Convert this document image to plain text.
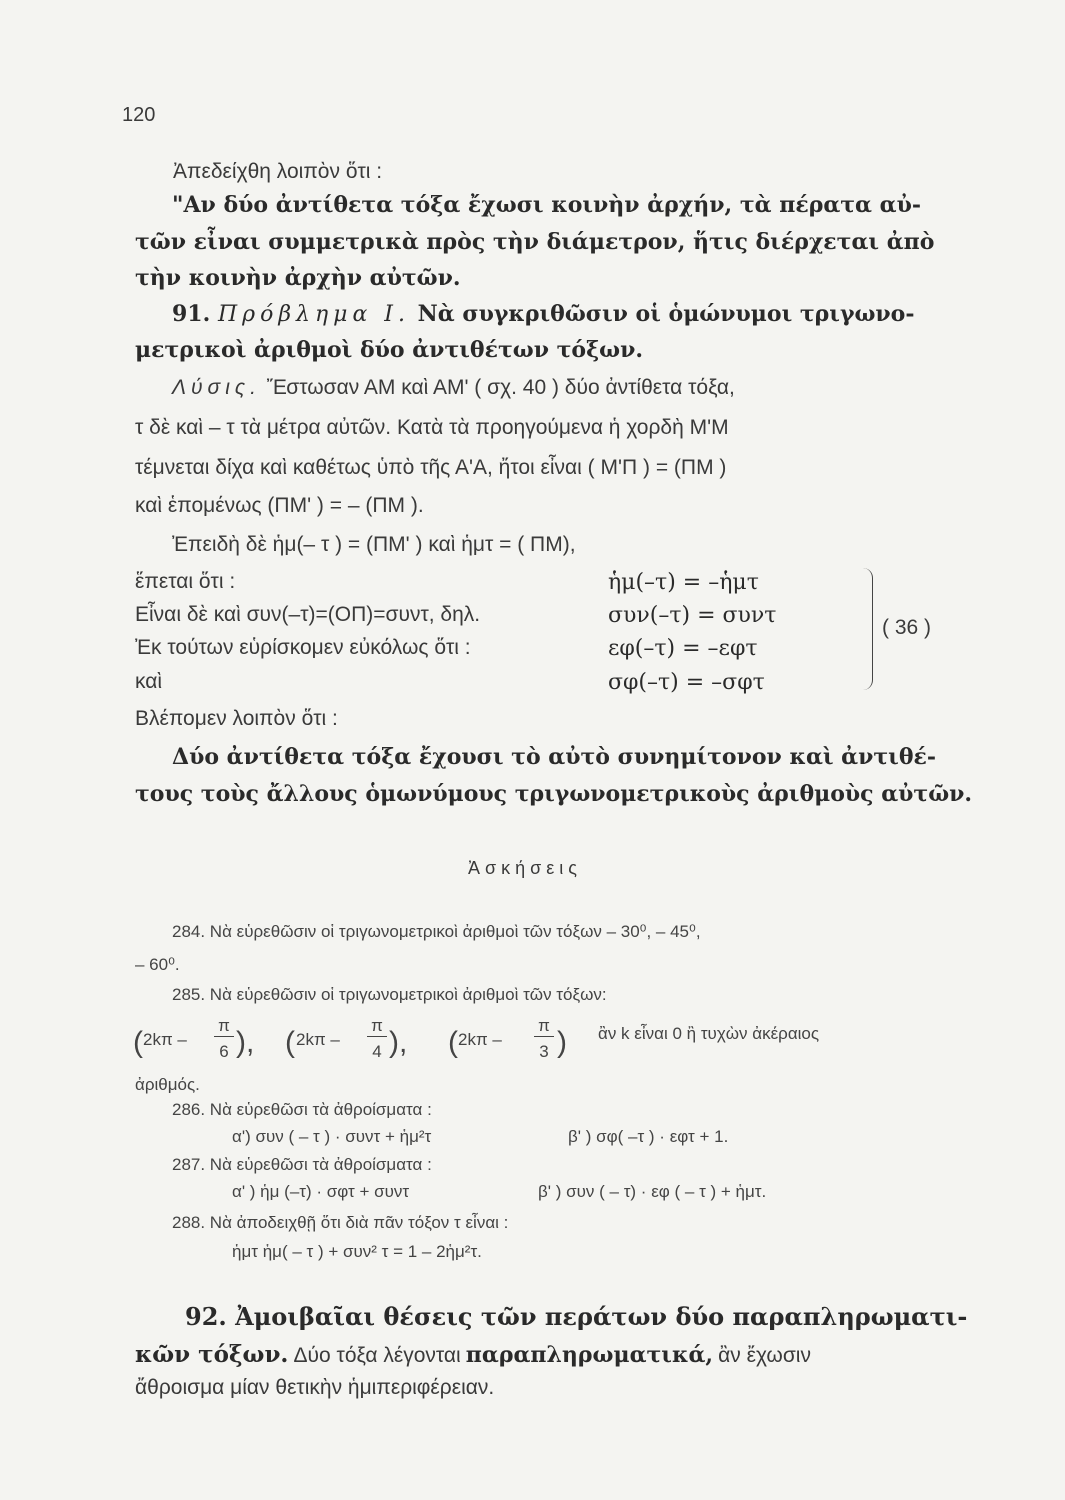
120
Ἀπεδείχθη λοιπὸν ὅτι :
"Αν δύο ἀντίθετα τόξα ἔχωσι κοινὴν ἀρχήν, τὰ πέρατα αὐ-
τῶν εἶναι συμμετρικὰ πρὸς τὴν διάμετρον, ἥτις διέρχεται ἀπὸ
τὴν κοινὴν ἀρχὴν αὐτῶν.
91. Πρόβλημα Ι. Νὰ συγκριθῶσιν οἱ ὁμώνυμοι τριγωνο-
μετρικοὶ ἀριθμοὶ δύο ἀντιθέτων τόξων.
Λύσις. Ἔστωσαν ΑΜ καὶ ΑΜ' ( σχ. 40 ) δύο ἀντίθετα τόξα,
τ δὲ καὶ – τ τὰ μέτρα αὐτῶν. Κατὰ τὰ προηγούμενα ἡ χορδὴ Μ'Μ
τέμνεται δίχα καὶ καθέτως ὑπὸ τῆς Α'Α, ἤτοι εἶναι ( Μ'Π ) = (ΠΜ )
καὶ ἑπομένως (ΠΜ' ) = – (ΠΜ ).
Ἐπειδὴ δὲ ἡμ(– τ ) = (ΠΜ' ) καὶ ἡμτ = ( ΠΜ),
ἕπεται ὅτι :	ἡμ(–τ) = –ἡμτ
Εἶναι δὲ καὶ συν(–τ)=(ΟΠ)=συντ, δηλ.	συν(–τ) = συντ
Ἐκ τούτων εὑρίσκομεν εὐκόλως ὅτι :	εφ(–τ) = –εφτ
καὶ	σφ(–τ) = –σφτ
( 36 )
Βλέπομεν λοιπὸν ὅτι :
Δύο ἀντίθετα τόξα ἔχουσι τὸ αὐτὸ συνημίτονον καὶ ἀντιθέ-
τους τοὺς ἄλλους ὁμωνύμους τριγωνομετρικοὺς ἀριθμοὺς αὐτῶν.
Ἀσκήσεις
284. Νὰ εὑρεθῶσιν οἱ τριγωνομετρικοὶ ἀριθμοὶ τῶν τόξων – 30⁰, – 45⁰,
– 60⁰.
285. Νὰ εὑρεθῶσιν οἱ τριγωνομετρικοὶ ἀριθμοὶ τῶν τόξων:
( 2kπ –
π
6 ), ( 2kπ –
π
4 ), ( 2kπ –
π
3 ) ἂν k εἶναι 0 ἢ τυχὼν ἀκέραιος
ἀριθμός.
286. Νὰ εὑρεθῶσι τὰ ἀθροίσματα :
α') συν ( – τ ) · συντ + ἡμ²τ	β' ) σφ( –τ ) · εφτ + 1.
287. Νὰ εὑρεθῶσι τὰ ἀθροίσματα :
α' ) ἡμ (–τ) · σφτ + συντ	β' ) συν ( – τ) · εφ ( – τ ) + ἡμτ.
288. Νὰ ἀποδειχθῇ ὅτι διὰ πᾶν τόξον τ εἶναι :
ἡμτ ἡμ( – τ ) + συν² τ = 1 – 2ἡμ²τ.
92. Ἀμοιβαῖαι θέσεις τῶν περάτων δύο παραπληρωματι-
κῶν τόξων. Δύο τόξα λέγονται παραπληρωματικά, ἂν ἔχωσιν
ἄθροισμα μίαν θετικὴν ἡμιπεριφέρειαν.
